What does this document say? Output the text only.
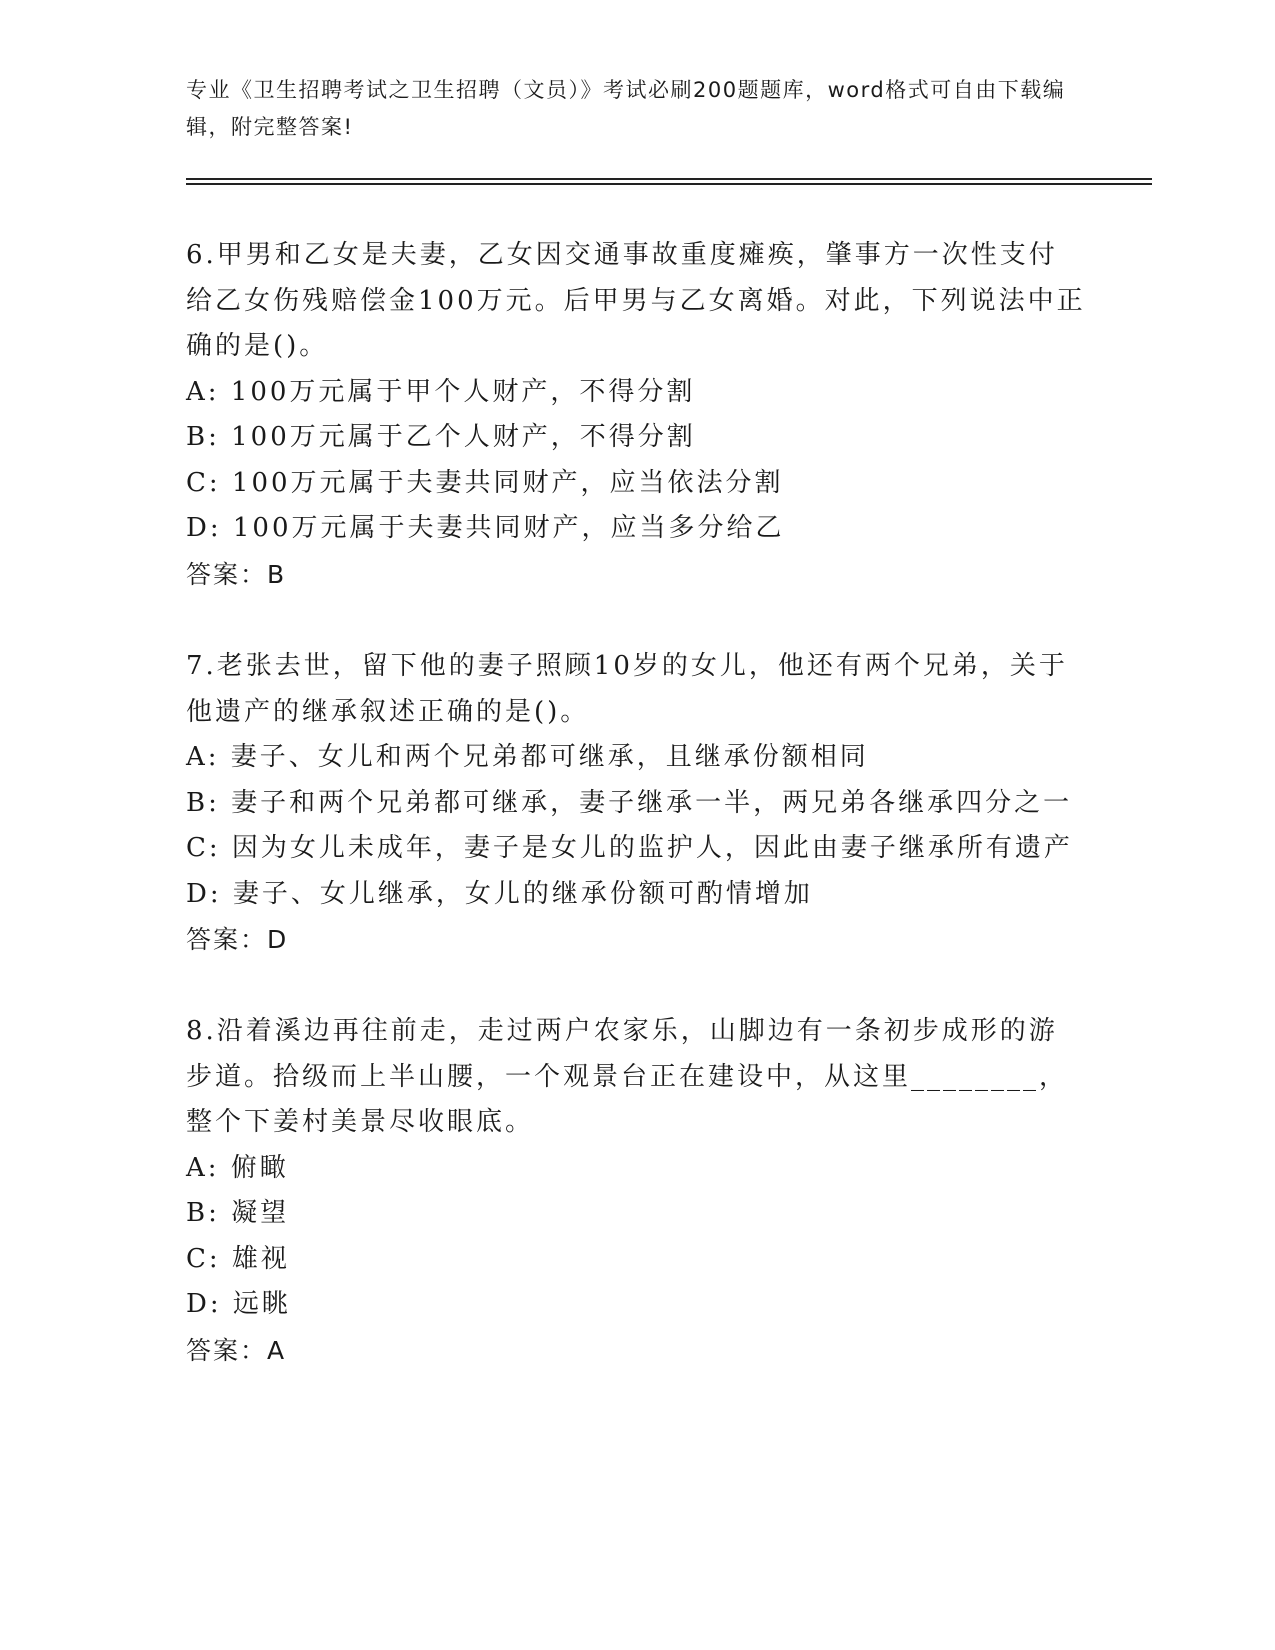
专业《卫生招聘考试之卫生招聘（文员）》考试必刷200题题库，word格式可自由下载编辑，附完整答案!
6.甲男和乙女是夫妻，乙女因交通事故重度瘫痪，肇事方一次性支付给乙女伤残赔偿金100万元。后甲男与乙女离婚。对此，下列说法中正确的是()。
A: 100万元属于甲个人财产，不得分割
B: 100万元属于乙个人财产，不得分割
C: 100万元属于夫妻共同财产，应当依法分割
D: 100万元属于夫妻共同财产，应当多分给乙
答案：B
7.老张去世，留下他的妻子照顾10岁的女儿，他还有两个兄弟，关于他遗产的继承叙述正确的是()。
A: 妻子、女儿和两个兄弟都可继承，且继承份额相同
B: 妻子和两个兄弟都可继承，妻子继承一半，两兄弟各继承四分之一
C: 因为女儿未成年，妻子是女儿的监护人，因此由妻子继承所有遗产
D: 妻子、女儿继承，女儿的继承份额可酌情增加
答案：D
8.沿着溪边再往前走，走过两户农家乐，山脚边有一条初步成形的游步道。拾级而上半山腰，一个观景台正在建设中，从这里________，整个下姜村美景尽收眼底。
A: 俯瞰
B: 凝望
C: 雄视
D: 远眺
答案：A
